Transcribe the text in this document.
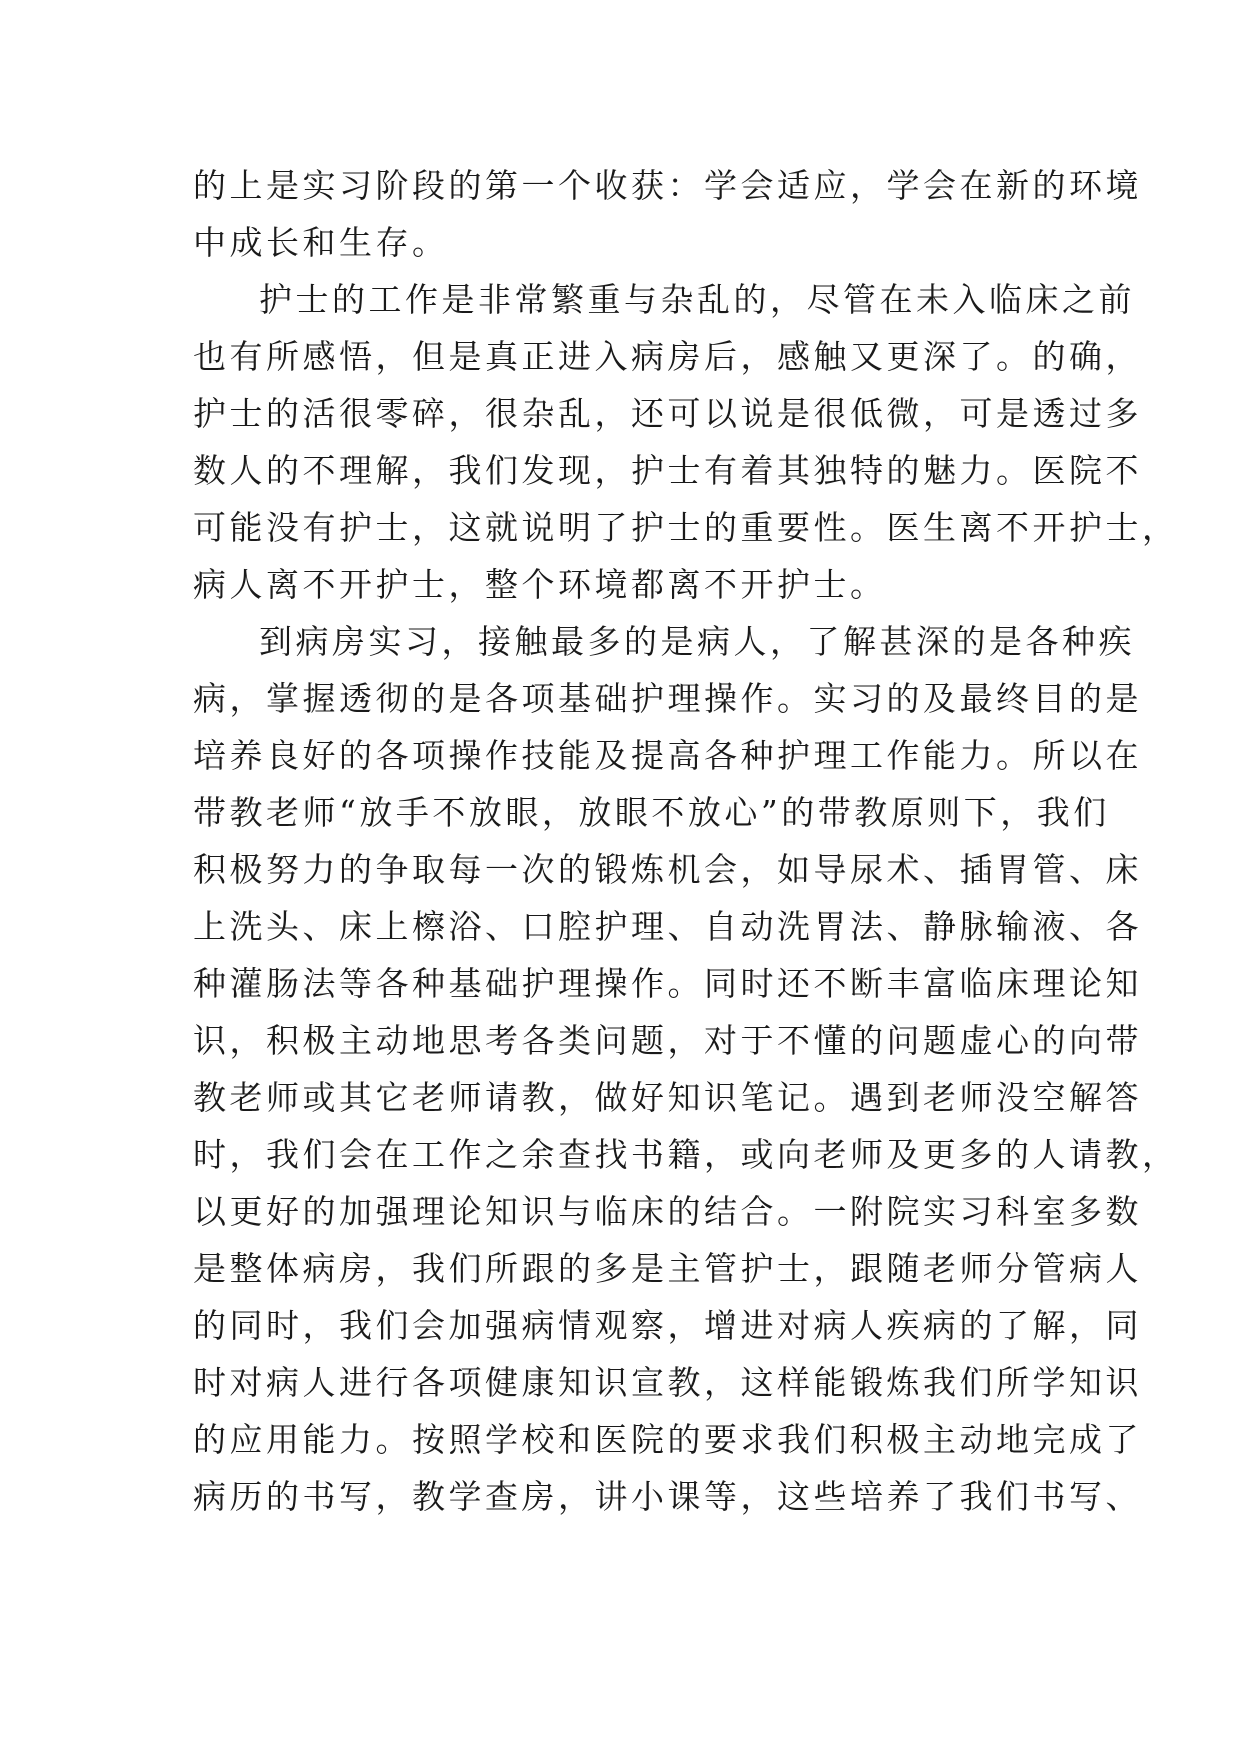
的上是实习阶段的第一个收获：学会适应，学会在新的环境
中成长和生存。
护士的工作是非常繁重与杂乱的，尽管在未入临床之前
也有所感悟，但是真正进入病房后，感触又更深了。的确，
护士的活很零碎，很杂乱，还可以说是很低微，可是透过多
数人的不理解，我们发现，护士有着其独特的魅力。医院不
可能没有护士，这就说明了护士的重要性。医生离不开护士，
病人离不开护士，整个环境都离不开护士。
到病房实习，接触最多的是病人，了解甚深的是各种疾
病，掌握透彻的是各项基础护理操作。实习的及最终目的是
培养良好的各项操作技能及提高各种护理工作能力。所以在
带教老师“放手不放眼，放眼不放心”的带教原则下，我们
积极努力的争取每一次的锻炼机会，如导尿术、插胃管、床
上洗头、床上檫浴、口腔护理、自动洗胃法、静脉输液、各
种灌肠法等各种基础护理操作。同时还不断丰富临床理论知
识，积极主动地思考各类问题，对于不懂的问题虚心的向带
教老师或其它老师请教，做好知识笔记。遇到老师没空解答
时，我们会在工作之余查找书籍，或向老师及更多的人请教，
以更好的加强理论知识与临床的结合。一附院实习科室多数
是整体病房，我们所跟的多是主管护士，跟随老师分管病人
的同时，我们会加强病情观察，增进对病人疾病的了解，同
时对病人进行各项健康知识宣教，这样能锻炼我们所学知识
的应用能力。按照学校和医院的要求我们积极主动地完成了
病历的书写，教学查房，讲小课等，这些培养了我们书写、
